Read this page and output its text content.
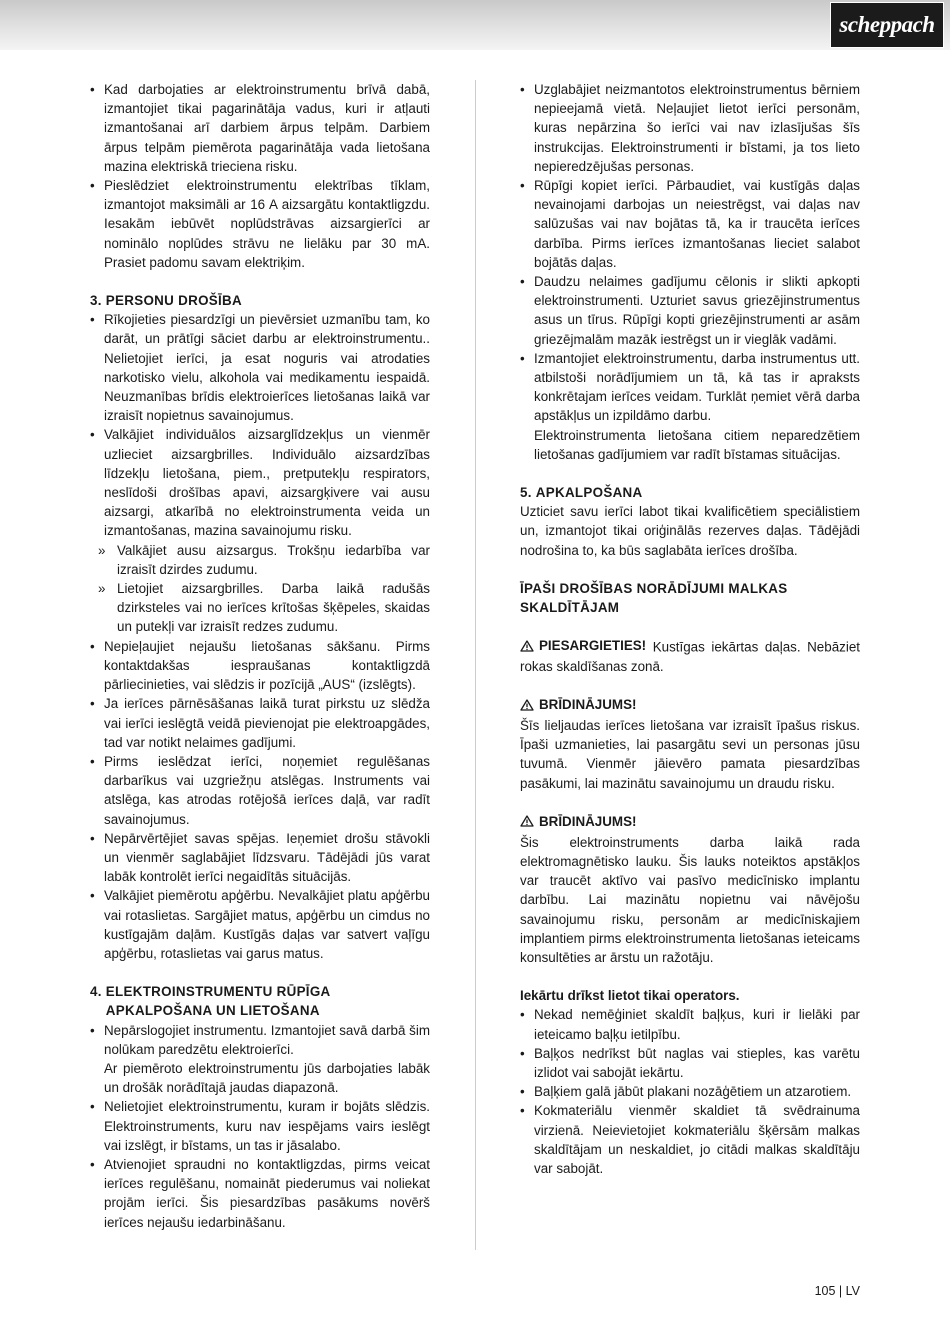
scheppach
• Kad darbojaties ar elektroinstrumentu brīvā dabā, izmantojiet tikai pagarinātāja vadus, kuri ir atļauti izmantošanai arī darbiem ārpus telpām. Darbiem ārpus telpām piemērota pagarinātāja vada lietošana mazina elektriskā trieciena risku.
• Pieslēdziet elektroinstrumentu elektrības tīklam, izmantojot maksimāli ar 16 A aizsargātu kontaktligzdu. Iesakām iebūvēt noplūdstrāvas aizsargierīci ar nominālo noplūdes strāvu ne lielāku par 30 mA. Prasiet padomu savam elektriķim.
3. PERSONU DROŠĪBA
• Rīkojieties piesardzīgi un pievērsiet uzmanību tam, ko darāt, un prātīgi sāciet darbu ar elektroinstrumentu.. Nelietojiet ierīci, ja esat noguris vai atrodaties narkotisko vielu, alkohola vai medikamentu iespaidā. Neuzmanības brīdis elektroierīces lietošanas laikā var izraisīt nopietnus savainojumus.
• Valkājiet individuālos aizsarglīdzekļus un vienmēr uzlieciet aizsargbrilles. Individuālo aizsardzības līdzekļu lietošana, piem., pretputekļu respirators, neslīdoši drošības apavi, aizsargķivere vai ausu aizsargi, atkarībā no elektroinstrumenta veida un izmantošanas, mazina savainojumu risku.
» Valkājiet ausu aizsargus. Trokšņu iedarbība var izraisīt dzirdes zudumu.
» Lietojiet aizsargbrilles. Darba laikā radušās dzirksteles vai no ierīces krītošas šķēpeles, skaidas un putekļi var izraisīt redzes zudumu.
• Nepieļaujiet nejaušu lietošanas sākšanu. Pirms kontaktdakšas iespraušanas kontaktligzdā pārliecinieties, vai slēdzis ir pozīcijā „AUS“ (izslēgts).
• Ja ierīces pārnēsāšanas laikā turat pirkstu uz slēdža vai ierīci ieslēgtā veidā pievienojat pie elektroapgādes, tad var notikt nelaimes gadījumi.
• Pirms ieslēdzat ierīci, noņemiet regulēšanas darbarīkus vai uzgriežņu atslēgas. Instruments vai atslēga, kas atrodas rotējošā ierīces daļā, var radīt savainojumus.
• Nepārvērtējiet savas spējas. Ieņemiet drošu stāvokli un vienmēr saglabājiet līdzsvaru. Tādējādi jūs varat labāk kontrolēt ierīci negaidītās situācijās.
• Valkājiet piemērotu apģērbu. Nevalkājiet platu apģērbu vai rotaslietas. Sargājiet matus, apģērbu un cimdus no kustīgajām daļām. Kustīgās daļas var satvert vaļīgu apģērbu, rotaslietas vai garus matus.
4. ELEKTROINSTRUMENTU RŪPĪGA APKALPOŠANA UN LIETOŠANA
• Nepārslogojiet instrumentu. Izmantojiet savā darbā šim nolūkam paredzētu elektroierīci.

Ar piemēroto elektroinstrumentu jūs darbojaties labāk un drošāk norādītajā jaudas diapazonā.

• Nelietojiet elektroinstrumentu, kuram ir bojāts slēdzis. Elektroinstruments, kuru nav iespējams vairs ieslēgt vai izslēgt, ir bīstams, un tas ir jāsalabo.
• Atvienojiet spraudni no kontaktligzdas, pirms veicat ierīces regulēšanu, nomaināt piederumus vai noliekat projām ierīci. Šis piesardzības pasākums novērš ierīces nejaušu iedarbināšanu.
• Uzglabājiet neizmantotos elektroinstrumentus bērniem nepieejamā vietā. Neļaujiet lietot ierīci personām, kuras nepārzina šo ierīci vai nav izlasījušas šīs instrukcijas. Elektroinstrumenti ir bīstami, ja tos lieto nepieredzējušas personas.
• Rūpīgi kopiet ierīci. Pārbaudiet, vai kustīgās daļas nevainojami darbojas un neiestrēgst, vai daļas nav salūzušas vai nav bojātas tā, ka ir traucēta ierīces darbība. Pirms ierīces izmantošanas lieciet salabot bojātās daļas.
• Daudzu nelaimes gadījumu cēlonis ir slikti apkopti elektroinstrumenti. Uzturiet savus griezējinstrumentus asus un tīrus. Rūpīgi kopti griezējinstrumenti ar asām griezējmalām mazāk iestrēgst un ir vieglāk vadāmi.
• Izmantojiet elektroinstrumentu, darba instrumentus utt. atbilstoši norādījumiem un tā, kā tas ir apraksts konkrētajam ierīces veidam. Turklāt ņemiet vērā darba apstākļus un izpildāmo darbu.

Elektroinstrumenta lietošana citiem neparedzētiem lietošanas gadījumiem var radīt bīstamas situācijas.

5. APKALPOŠANA

Uzticiet savu ierīci labot tikai kvalificētiem speciālistiem un, izmantojot tikai oriģinālās rezerves daļas. Tādējādi nodrošina to, ka būs saglabāta ierīces drošība.

ĪPAŠI DROŠĪBAS NORĀDĪJUMI MALKAS SKALDĪTĀJAM

PIESARGIETIES! Kustīgas iekārtas daļas. Nebāziet rokas skaldīšanas zonā.

BRĪDINĀJUMS!

Šīs lieljaudas ierīces lietošana var izraisīt īpašus riskus. Īpaši uzmanieties, lai pasargātu sevi un personas jūsu tuvumā. Vienmēr jāievēro pamata piesardzības pasākumi, lai mazinātu savainojumu un draudu risku.

BRĪDINĀJUMS!

Šis elektroinstruments darba laikā rada elektromagnētisko lauku. Šis lauks noteiktos apstākļos var traucēt aktīvo vai pasīvo medicīnisko implantu darbību. Lai mazinātu nopietnu vai nāvējošu savainojumu risku, personām ar medicīniskajiem implantiem pirms elektroinstrumenta lietošanas ieteicams konsultēties ar ārstu un ražotāju.

Iekārtu drīkst lietot tikai operators.

• Nekad nemēģiniet skaldīt baļķus, kuri ir lielāki par ieteicamo baļķu ietilpību.
• Baļķos nedrīkst būt naglas vai stieples, kas varētu izlidot vai sabojāt iekārtu.
• Baļķiem galā jābūt plakani nozāģētiem un atzarotiem.
• Kokmateriālu vienmēr skaldiet tā svēdrainuma virzienā. Neievietojiet kokmateriālu šķērsām malkas skaldītājam un neskaldiet, jo citādi malkas skaldītāju var sabojāt.
105 | LV
